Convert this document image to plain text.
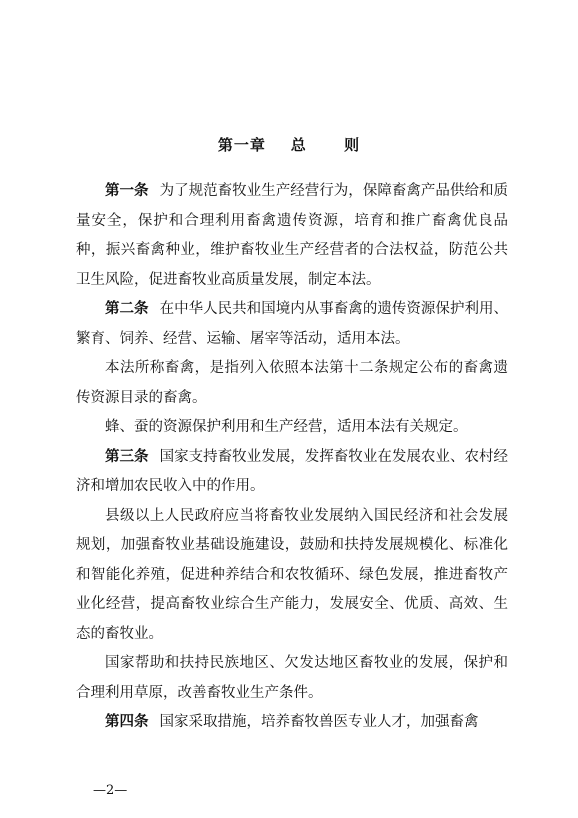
第一章    总      则

第一条 为了规范畜牧业生产经营行为，保障畜禽产品供给和质量安全，保护和合理利用畜禽遗传资源，培育和推广畜禽优良品种，振兴畜禽种业，维护畜牧业生产经营者的合法权益，防范公共卫生风险，促进畜牧业高质量发展，制定本法。

第二条 在中华人民共和国境内从事畜禽的遗传资源保护利用、繁育、饲养、经营、运输、屠宰等活动，适用本法。

本法所称畜禽，是指列入依照本法第十二条规定公布的畜禽遗传资源目录的畜禽。

蜂、蚕的资源保护利用和生产经营，适用本法有关规定。

第三条 国家支持畜牧业发展，发挥畜牧业在发展农业、农村经济和增加农民收入中的作用。

县级以上人民政府应当将畜牧业发展纳入国民经济和社会发展规划，加强畜牧业基础设施建设，鼓励和扶持发展规模化、标准化和智能化养殖，促进种养结合和农牧循环、绿色发展，推进畜牧产业化经营，提高畜牧业综合生产能力，发展安全、优质、高效、生态的畜牧业。

国家帮助和扶持民族地区、欠发达地区畜牧业的发展，保护和合理利用草原，改善畜牧业生产条件。

第四条 国家采取措施，培养畜牧兽医专业人才，加强畜禽

—2—
